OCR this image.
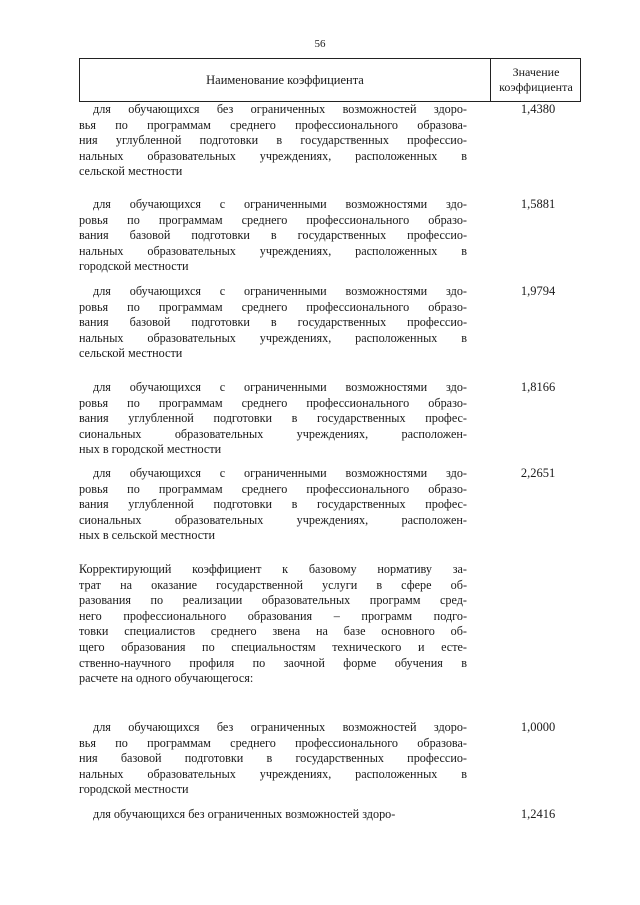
56
Наименование коэффициента
Значение
коэффициента
для обучающихся без ограниченных возможностей здоро-
вья по программам среднего профессионального образова-
ния углубленной подготовки в государственных профессио-
нальных образовательных учреждениях, расположенных в
сельской местности
1,4380
для обучающихся с ограниченными возможностями здо-
ровья по программам среднего профессионального образо-
вания базовой подготовки в государственных профессио-
нальных образовательных учреждениях, расположенных в
городской местности
1,5881
для обучающихся с ограниченными возможностями здо-
ровья по программам среднего профессионального образо-
вания базовой подготовки в государственных профессио-
нальных образовательных учреждениях, расположенных в
сельской местности
1,9794
для обучающихся с ограниченными возможностями здо-
ровья по программам среднего профессионального образо-
вания углубленной подготовки в государственных профес-
сиональных образовательных учреждениях, расположен-
ных в городской местности
1,8166
для обучающихся с ограниченными возможностями здо-
ровья по программам среднего профессионального образо-
вания углубленной подготовки в государственных профес-
сиональных образовательных учреждениях, расположен-
ных в сельской местности
2,2651
Корректирующий коэффициент к базовому нормативу за-
трат на оказание государственной услуги в сфере об-
разования по реализации образовательных программ сред-
него профессионального образования – программ подго-
товки специалистов среднего звена на базе основного об-
щего образования по специальностям технического и есте-
ственно-научного профиля по заочной форме обучения в
расчете на одного обучающегося:
для обучающихся без ограниченных возможностей здоро-
вья по программам среднего профессионального образова-
ния базовой подготовки в государственных профессио-
нальных образовательных учреждениях, расположенных в
городской местности
1,0000
для обучающихся без ограниченных возможностей здоро-	1,2416
